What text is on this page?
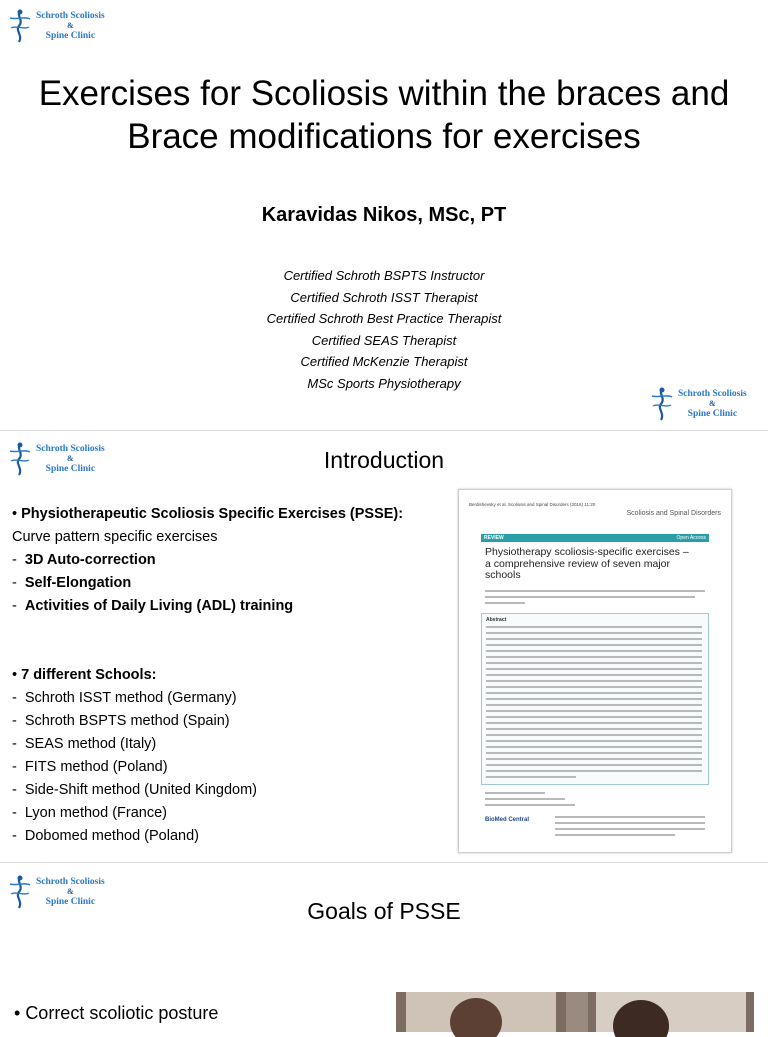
Schroth Scoliosis
&
Spine Clinic
Exercises for Scoliosis within the braces and Brace modifications for exercises
Karavidas Nikos, MSc, PT
Certified Schroth BSPTS Instructor
Certified Schroth ISST Therapist
Certified Schroth Best Practice Therapist
Certified SEAS Therapist
Certified McKenzie Therapist
MSc Sports Physiotherapy
Schroth Scoliosis
&
Spine Clinic
Schroth Scoliosis
&
Spine Clinic	Introduction
• Physiotherapeutic Scoliosis Specific Exercises (PSSE):
Curve pattern specific exercises
-  3D Auto-correction
-  Self-Elongation
-  Activities of Daily Living (ADL) training
• 7 different Schools:
-  Schroth ISST method (Germany)
-  Schroth BSPTS method (Spain)
-  SEAS method (Italy)
-  FITS method (Poland)
-  Side-Shift method (United Kingdom)
-  Lyon method (France)
-  Dobomed method (Poland)
Berdishevsky et al. Scoliosis and Spinal Disorders (2016) 11:20
Scoliosis and Spinal Disorders
Open Access
REVIEW
Physiotherapy scoliosis-specific exercises – a comprehensive review of seven major schools
Abstract
BioMed Central
Schroth Scoliosis
&
Spine Clinic	Goals of PSSE
• Correct scoliotic posture
